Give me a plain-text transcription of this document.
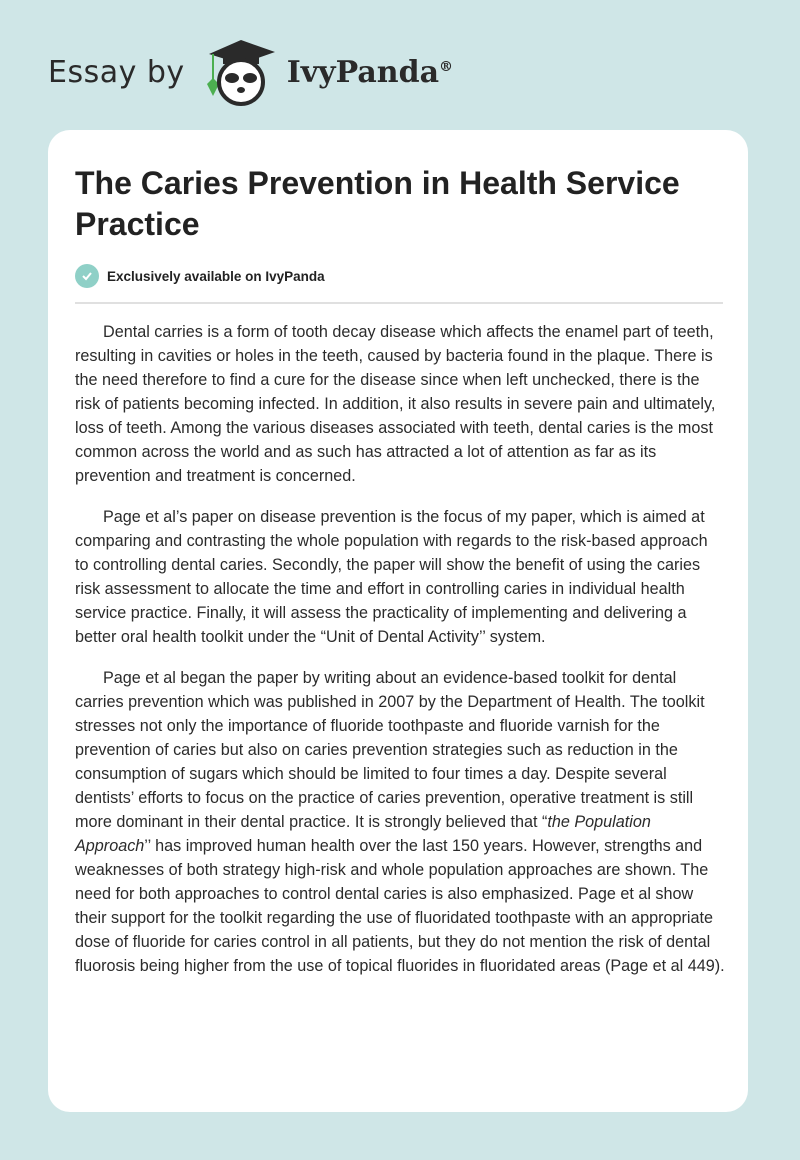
Essay by	IvyPanda®
The Caries Prevention in Health Service Practice
Exclusively available on IvyPanda

Dental carries is a form of tooth decay disease which affects the enamel part of teeth, resulting in cavities or holes in the teeth, caused by bacteria found in the plaque. There is the need therefore to find a cure for the disease since when left unchecked, there is the risk of patients becoming infected. In addition, it also results in severe pain and ultimately, loss of teeth. Among the various diseases associated with teeth, dental caries is the most common across the world and as such has attracted a lot of attention as far as its prevention and treatment is concerned.

Page et al’s paper on disease prevention is the focus of my paper, which is aimed at comparing and contrasting the whole population with regards to the risk-based approach to controlling dental caries. Secondly, the paper will show the benefit of using the caries risk assessment to allocate the time and effort in controlling caries in individual health service practice. Finally, it will assess the practicality of implementing and delivering a better oral health toolkit under the “Unit of Dental Activity’’ system.

Page et al began the paper by writing about an evidence-based toolkit for dental carries prevention which was published in 2007 by the Department of Health. The toolkit stresses not only the importance of fluoride toothpaste and fluoride varnish for the prevention of caries but also on caries prevention strategies such as reduction in the consumption of sugars which should be limited to four times a day. Despite several dentists’ efforts to focus on the practice of caries prevention, operative treatment is still more dominant in their dental practice. It is strongly believed that “the Population Approach’’ has improved human health over the last 150 years. However, strengths and weaknesses of both strategy high-risk and whole population approaches are shown. The need for both approaches to control dental caries is also emphasized. Page et al show their support for the toolkit regarding the use of fluoridated toothpaste with an appropriate dose of fluoride for caries control in all patients, but they do not mention the risk of dental fluorosis being higher from the use of topical fluorides in fluoridated areas (Page et al 449).
